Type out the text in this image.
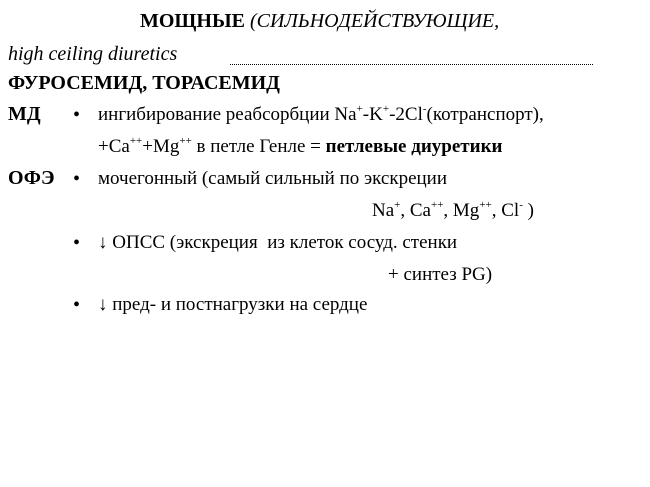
МОЩНЫЕ (СИЛЬНОДЕЙСТВУЮЩИЕ,
high ceiling diuretics
ФУРОСЕМИД, ТОРАСЕМИД
МД
ОФЭ
• ингибирование реабсорбции Na+-K+-2Cl-(котранспорт),
+Ca+++Mg++ в петле Генле = петлевые диуретики
• мочегонный (самый сильный по экскреции
Na+, Ca++, Mg++, Cl- )
• ↓ ОПСС (экскреция  из клеток сосуд. стенки
+ синтез PG)
• ↓ пред- и постнагрузки на сердце
